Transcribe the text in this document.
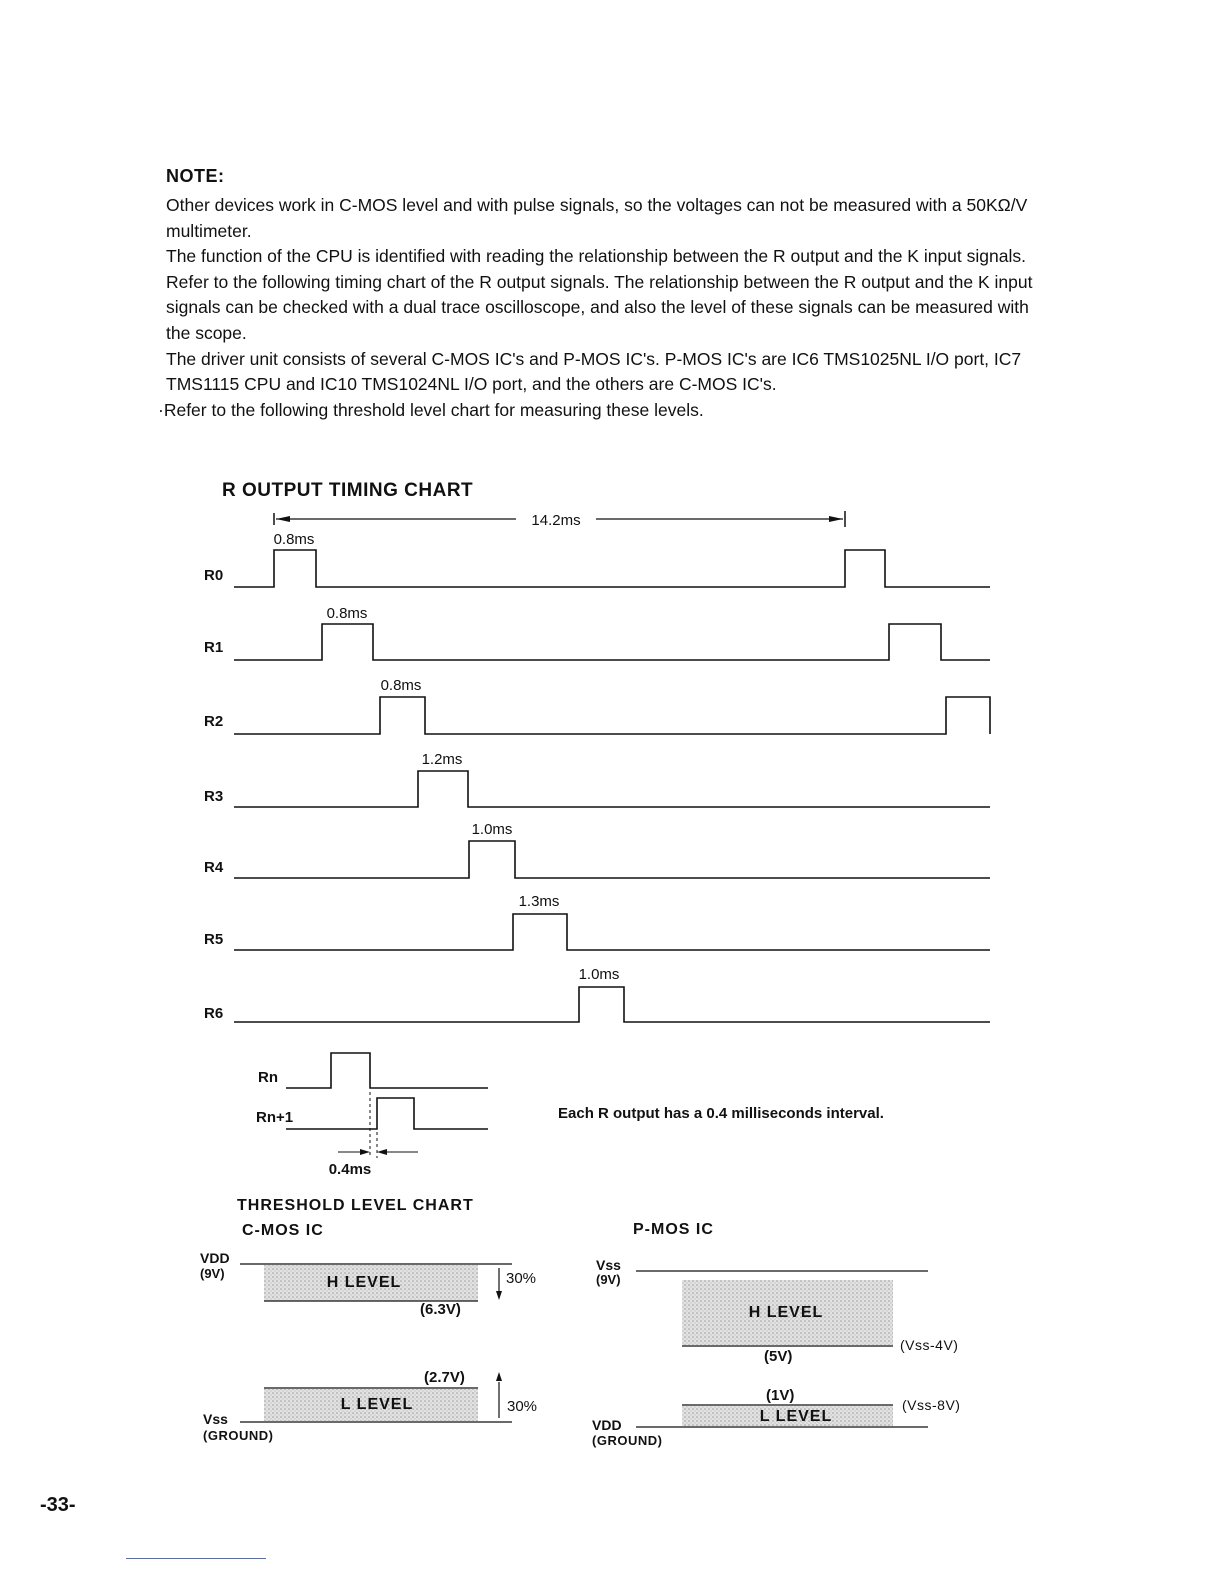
NOTE:

Other devices work in C-MOS level and with pulse signals, so the voltages can not be measured with a 50KΩ/V multimeter.

The function of the CPU is identified with reading the relationship between the R output and the K input signals.

Refer to the following timing chart of the R output signals. The relationship between the R output and the K input signals can be checked with a dual trace oscilloscope, and also the level of these signals can be measured with the scope.

The driver unit consists of several C-MOS IC's and P-MOS IC's. P-MOS IC's are IC6 TMS1025NL I/O port, IC7 TMS1115 CPU and IC10 TMS1024NL I/O port, and the others are C-MOS IC's.

·Refer to the following threshold level chart for measuring these levels.

R OUTPUT TIMING CHART
14.2ms
R0
0.8ms
R1
0.8ms
R2
0.8ms
R3
1.2ms
R4
1.0ms
R5
1.3ms
R6
1.0ms
Rn
Rn+1
0.4ms
Each R output has a 0.4 milliseconds interval.
THRESHOLD LEVEL CHART
C-MOS IC
VDD
(9V)
H LEVEL
(6.3V)
30%
(2.7V)
L LEVEL	30%
Vss
(GROUND)
P-MOS IC
Vss
(9V)
H LEVEL
(5V)
(Vss-4V)
(1V)
L LEVEL
(Vss-8V)
VDD
(GROUND)
-33-
